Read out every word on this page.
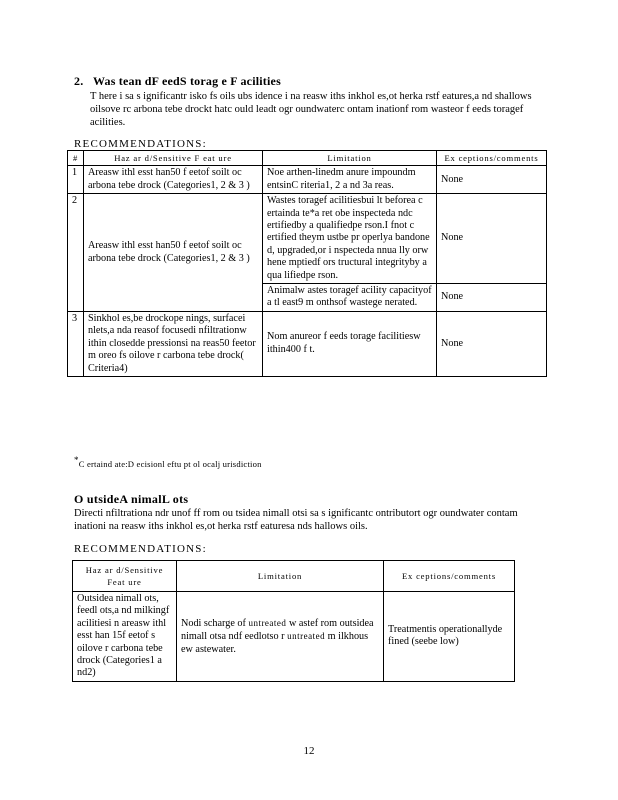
2. Was tean dF eedS torag e F acilities
T here i sa s ignificantr isko fs oils ubs idence i na reasw iths inkhol es,ot herka rstf eatures,a nd shallows oilsove rc arbona tebe drockt hatc ould leadt ogr oundwaterc ontam inationf rom wasteor f eeds toragef acilities.
RECOMMENDATIONS:
#	Haz ar d/Sensitive F eat ure	Limitation	Ex ceptions/comments
1	Areasw ithl esst han50 f eetof soilt oc arbona tebe drock (Categories1, 2 & 3 )	Noe arthen-linedm anure impoundm entsinC riteria1, 2 a nd 3a reas.	None
2	Areasw ithl esst han50 f eetof soilt oc arbona tebe drock (Categories1, 2 & 3 )	Wastes toragef acilitiesbui lt beforea c ertainda te*a ret obe inspecteda ndc ertifiedby a qualifiedpe rson.I fnot c ertified theym ustbe pr operlya bandone d, upgraded,or i nspecteda nnua lly orw hene mptiedf ors tructural integrityby a qua lifiedpe rson.	None
		Animalw astes toragef acility capacityof a tl east9 m onthsof wastege nerated.	None
3	Sinkhol es,be drockope nings, surfacei nlets,a nda reasof focusedi nfiltrationw ithin closedde pressionsi na reas50 feetor m oreo fs oilove r carbona tebe drock( Criteria4)	Nom anureor f eeds torage facilitiesw ithin400 f t.	None
*C ertaind ate:D ecisionl eftu pt ol ocalj urisdiction
O utsideA nimalL ots
Directi nfiltrationa ndr unof ff rom ou tsidea nimall otsi sa s ignificantc ontributort ogr oundwater contam inationi na reasw iths inkhol es,ot herka rstf eaturesa nds hallows oils.
RECOMMENDATIONS:
Haz ar d/Sensitive Feat ure	Limitation	Ex ceptions/comments
Outsidea nimall ots, feedl ots,a nd milkingf acilitiesi n areasw ithl esst han 15f eetof s oilove r carbona tebe drock (Categories1 a nd2)	Nodi scharge of untreated w astef rom outsidea nimall otsa ndf eedlotso r untreated m ilkhous ew astewater.	Treatmentis operationallyde fined (seebe low)
12
